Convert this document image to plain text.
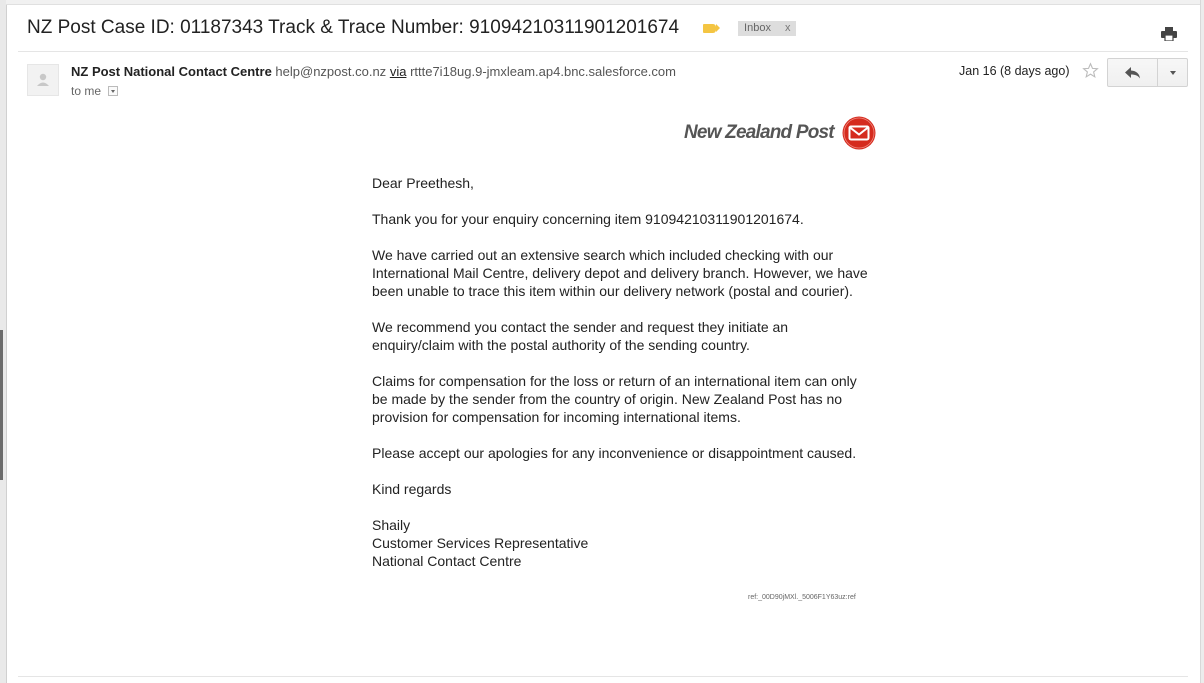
NZ Post Case ID: 01187343 Track & Trace Number: 91094210311901201674	Inbox x
NZ Post National Contact Centre help@nzpost.co.nz via rttte7i18ug.9-jmxleam.ap4.bnc.salesforce.com
to me
Jan 16 (8 days ago)
New Zealand Post

Dear Preethesh,

Thank you for your enquiry concerning item 91094210311901201674.

We have carried out an extensive search which included checking with our
International Mail Centre, delivery depot and delivery branch. However, we have
been unable to trace this item within our delivery network (postal and courier).

We recommend you contact the sender and request they initiate an
enquiry/claim with the postal authority of the sending country.

Claims for compensation for the loss or return of an international item can only
be made by the sender from the country of origin. New Zealand Post has no
provision for compensation for incoming international items.

Please accept our apologies for any inconvenience or disappointment caused.

Kind regards

Shaily
Customer Services Representative
National Contact Centre
ref:_00D90jMXl._5006F1Y63uz:ref
